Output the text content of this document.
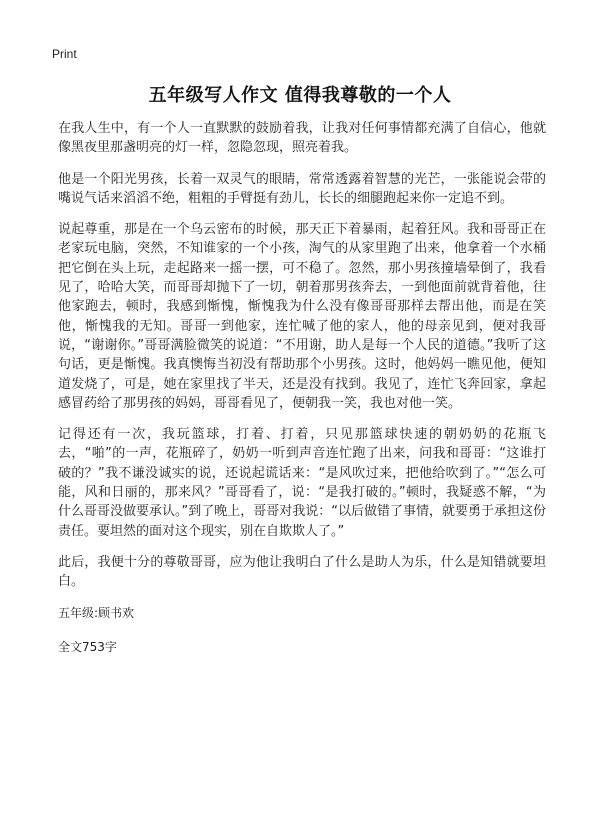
Print
五年级写人作文 值得我尊敬的一个人

在我人生中，有一个人一直默默的鼓励着我，让我对任何事情都充满了自信心，他就像黑夜里那盏明亮的灯一样，忽隐忽现，照亮着我。

他是一个阳光男孩，长着一双灵气的眼睛，常常透露着智慧的光芒，一张能说会带的嘴说气话来滔滔不绝，粗粗的手臂挺有劲儿，长长的细腿跑起来你一定追不到。

说起尊重，那是在一个乌云密布的时候，那天正下着暴雨，起着狂风。我和哥哥正在老家玩电脑，突然，不知谁家的一个小孩，淘气的从家里跑了出来，他拿着一个水桶把它倒在头上玩，走起路来一摇一摆，可不稳了。忽然，那小男孩撞墙晕倒了，我看见了，哈哈大笑，而哥哥却抛下了一切，朝着那男孩奔去，一到他面前就背着他，往他家跑去，顿时，我感到惭愧，惭愧我为什么没有像哥哥那样去帮出他，而是在笑他，惭愧我的无知。哥哥一到他家，连忙喊了他的家人，他的母亲见到，便对我哥说，“谢谢你。”哥哥满脸微笑的说道：“不用谢，助人是每一个人民的道德。”我听了这句话，更是惭愧。我真懊悔当初没有帮助那个小男孩。这时，他妈妈一瞧见他，便知道发烧了，可是，她在家里找了半天，还是没有找到。我见了，连忙飞奔回家，拿起感冒药给了那男孩的妈妈，哥哥看见了，便朝我一笑，我也对他一笑。

记得还有一次，我玩篮球，打着、打着，只见那篮球快速的朝奶奶的花瓶飞去，“啪”的一声，花瓶碎了，奶奶一听到声音连忙跑了出来，问我和哥哥：“这谁打破的？”我不谦没诚实的说，还说起谎话来：“是风吹过来，把他给吹到了。”“怎么可能，风和日丽的，那来风？”哥哥看了，说：“是我打破的。”顿时，我疑惑不解，“为什么哥哥没做要承认。”到了晚上，哥哥对我说：“以后做错了事情，就要勇于承担这份责任。要坦然的面对这个现实，别在自欺欺人了。”

此后，我便十分的尊敬哥哥，应为他让我明白了什么是助人为乐，什么是知错就要坦白。

五年级:顾书欢
全文753字
